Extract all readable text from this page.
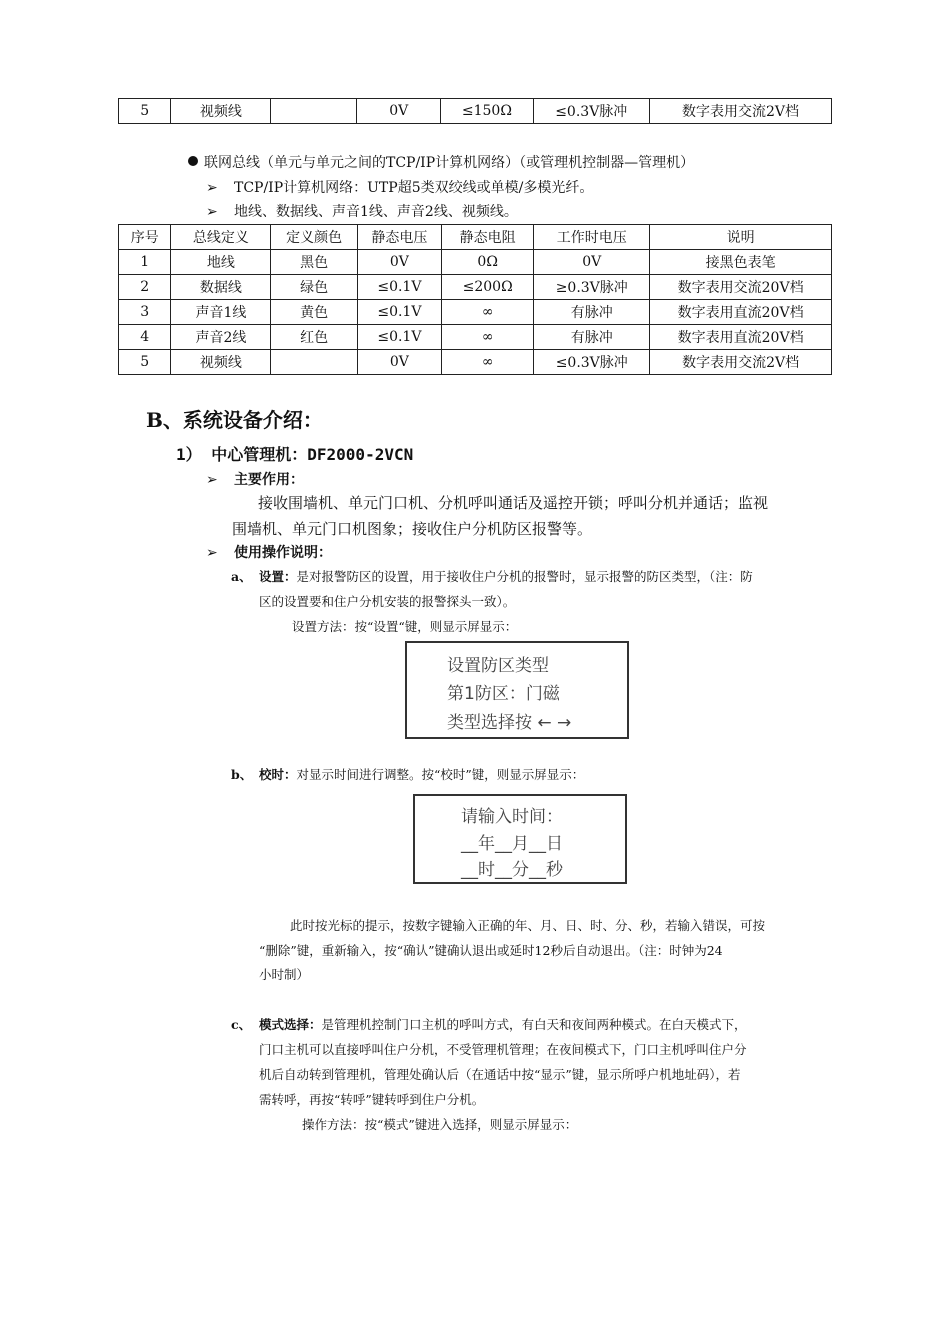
5	视频线		0V	≤150Ω	≤0.3V脉冲	数字表用交流2V档
联网总线（单元与单元之间的TCP/IP计算机网络）（或管理机控制器—管理机）
➢ TCP/IP计算机网络：UTP超5类双绞线或单模/多模光纤。
➢ 地线、数据线、声音1线、声音2线、视频线。
序号	总线定义	定义颜色	静态电压	静态电阻	工作时电压	说明
1	地线	黑色	0V	0Ω	0V	接黑色表笔
2	数据线	绿色	≤0.1V	≤200Ω	≥0.3V脉冲	数字表用交流20V档
3	声音1线	黄色	≤0.1V	∞	有脉冲	数字表用直流20V档
4	声音2线	红色	≤0.1V	∞	有脉冲	数字表用直流20V档
5	视频线		0V	∞	≤0.3V脉冲	数字表用交流2V档
B、系统设备介绍：
1） 中心管理机：DF2000-2VCN
➢ 主要作用：
接收围墙机、单元门口机、分机呼叫通话及遥控开锁；呼叫分机并通话；监视
围墙机、单元门口机图象；接收住户分机防区报警等。
➢ 使用操作说明：
a、 设置：是对报警防区的设置，用于接收住户分机的报警时，显示报警的防区类型，（注：防
区的设置要和住户分机安装的报警探头一致）。
设置方法：按“设置“键，则显示屏显示：
设置防区类型
第1防区：门磁
类型选择按 ← →
b、 校时：对显示时间进行调整。按“校时”键，则显示屏显示：
请输入时间：
__年__月__日
__时__分__秒
此时按光标的提示，按数字键输入正确的年、月、日、时、分、秒，若输入错误，可按
“删除”键，重新输入，按“确认”键确认退出或延时12秒后自动退出。（注：时钟为24
小时制）
c、 模式选择：是管理机控制门口主机的呼叫方式，有白天和夜间两种模式。在白天模式下，
门口主机可以直接呼叫住户分机，不受管理机管理；在夜间模式下，门口主机呼叫住户分
机后自动转到管理机，管理处确认后（在通话中按“显示”键，显示所呼户机地址码），若
需转呼，再按“转呼”键转呼到住户分机。
操作方法：按“模式”键进入选择，则显示屏显示：
